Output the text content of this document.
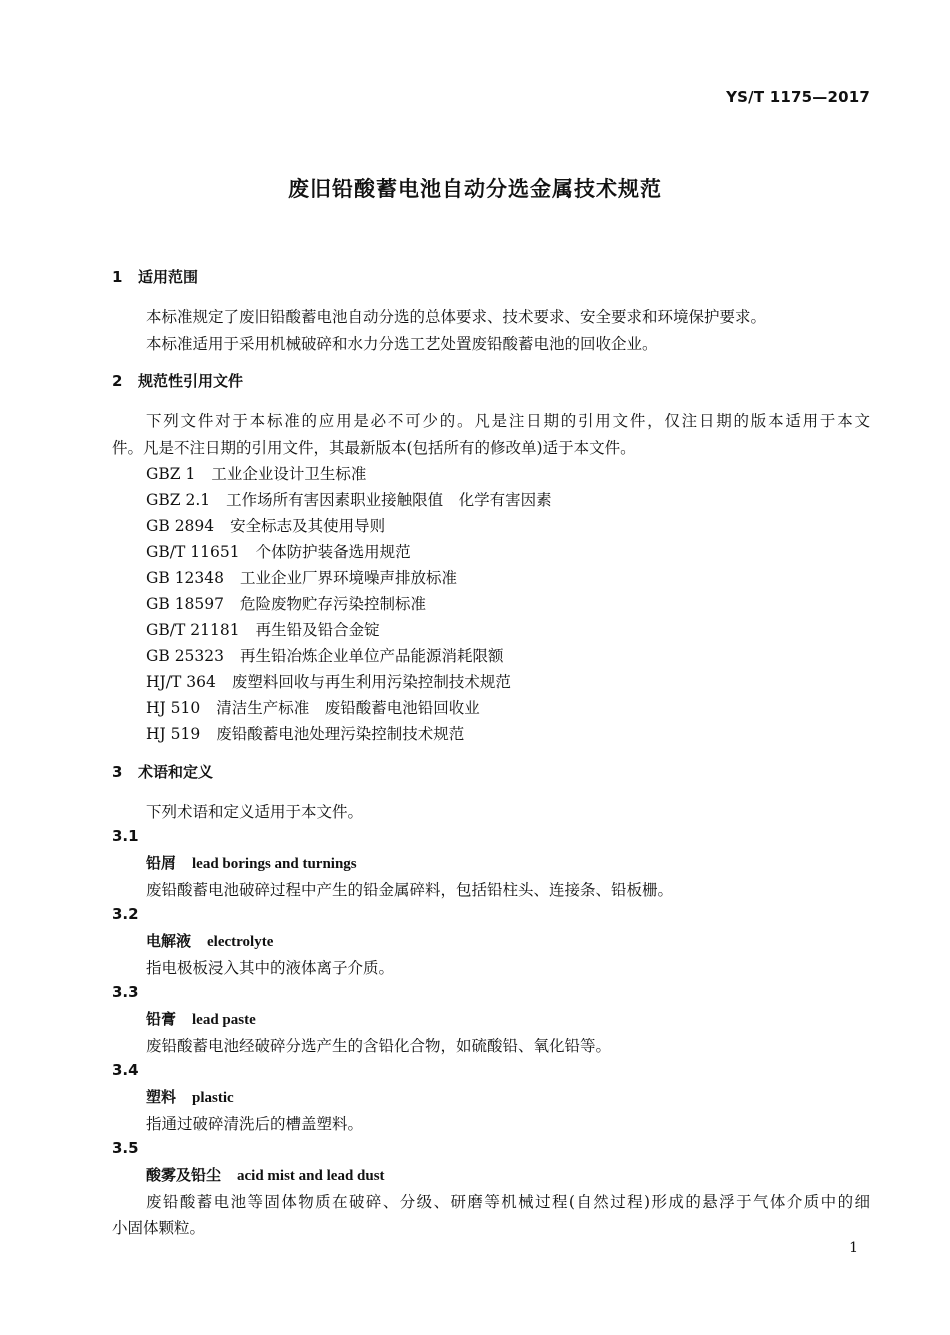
YS/T 1175—2017
废旧铅酸蓄电池自动分选金属技术规范
1 适用范围
本标准规定了废旧铅酸蓄电池自动分选的总体要求、技术要求、安全要求和环境保护要求。
本标准适用于采用机械破碎和水力分选工艺处置废铅酸蓄电池的回收企业。
2 规范性引用文件
下列文件对于本标准的应用是必不可少的。凡是注日期的引用文件，仅注日期的版本适用于本文
件。凡是不注日期的引用文件，其最新版本(包括所有的修改单)适于本文件。
GBZ 1 工业企业设计卫生标准
GBZ 2.1 工作场所有害因素职业接触限值　化学有害因素
GB 2894 安全标志及其使用导则
GB/T 11651 个体防护装备选用规范
GB 12348 工业企业厂界环境噪声排放标准
GB 18597 危险废物贮存污染控制标准
GB/T 21181 再生铅及铅合金锭
GB 25323 再生铅冶炼企业单位产品能源消耗限额
HJ/T 364 废塑料回收与再生利用污染控制技术规范
HJ 510 清洁生产标准　废铅酸蓄电池铅回收业
HJ 519 废铅酸蓄电池处理污染控制技术规范
3 术语和定义
下列术语和定义适用于本文件。
3.1
铅屑 lead borings and turnings
废铅酸蓄电池破碎过程中产生的铅金属碎料，包括铅柱头、连接条、铅板栅。
3.2
电解液 electrolyte
指电极板浸入其中的液体离子介质。
3.3
铅膏 lead paste
废铅酸蓄电池经破碎分选产生的含铅化合物，如硫酸铅、氧化铅等。
3.4
塑料 plastic
指通过破碎清洗后的槽盖塑料。
3.5
酸雾及铅尘 acid mist and lead dust
废铅酸蓄电池等固体物质在破碎、分级、研磨等机械过程(自然过程)形成的悬浮于气体介质中的细
小固体颗粒。
1
